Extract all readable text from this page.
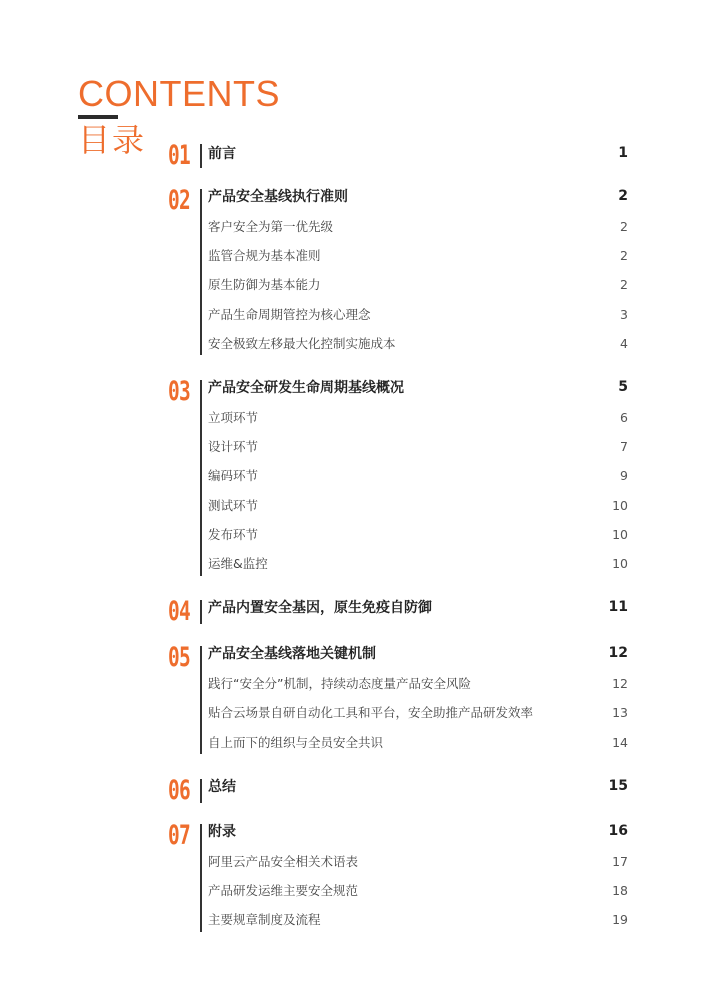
CONTENTS
目录 01 前言	1
02 产品安全基线执行准则	2
客户安全为第一优先级	2
监管合规为基本准则	2
原生防御为基本能力	2
产品生命周期管控为核心理念	3
安全极致左移最大化控制实施成本	4
03 产品安全研发生命周期基线概况	5
立项环节	6
设计环节	7
编码环节	9
测试环节	10
发布环节	10
运维&监控	10
04 产品内置安全基因，原生免疫自防御	11
05 产品安全基线落地关键机制	12
践行“安全分”机制，持续动态度量产品安全风险	12
贴合云场景自研自动化工具和平台，安全助推产品研发效率	13
自上而下的组织与全员安全共识	14
06 总结	15
07 附录	16
阿里云产品安全相关术语表	17
产品研发运维主要安全规范	18
主要规章制度及流程	19
